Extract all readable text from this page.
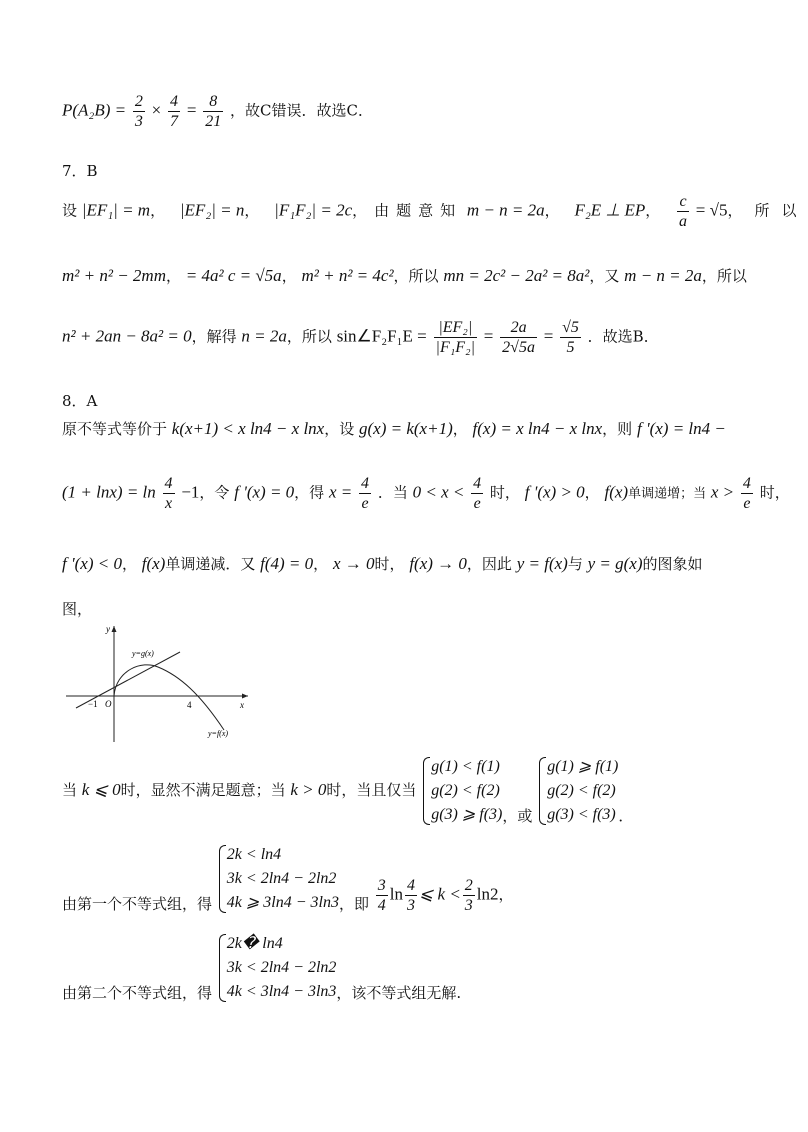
$P(A_2B) = \frac{2}{3} \times \frac{4}{7} = \frac{8}{21}$ ，故C错误．故选C．
7．B
设 |EF₁| = m， |EF₂| = n， |F₁F₂| = 2c，由题意知 m − n = 2a， F₂E ⊥ EP， $\frac{c}{a} = √5$，所以
m² + n² − 2mm， = 4a² c = √5a， m² + n² = 4c²，所以 mn = 2c² − 2a² = 8a²，又 m − n = 2a，所以
n² + 2an − 8a² = 0，解得 n = 2a，所以 sin∠F₂F₁E = $\frac{\text{|EF₂|}}{\text{|F₁F₂|}} = \frac{2a}{2√5a} = \frac{√5}{5}$ ．故选B．
8．A
原不等式等价于 k(x+1) < x ln4 − x lnx，设 g(x) = k(x+1)， f(x) = x ln4 − x lnx，则 f '(x) = ln4 −
$(1 + \ln x) = \ln \frac{4}{x} -1$，令 f '(x) = 0，得 $x = \frac{4}{e}$ ．当 $0 < x < \frac{4}{e}$ 时， f '(x) > 0， f(x)单调递增；当 $x > \frac{4}{e}$ 时，
f '(x) < 0， f(x)单调递减．又 f(4) = 0， x → 0时， f(x) → 0，因此 y = f(x)与 y = g(x)的图象如
图，
y
x
O
−1	4
y=g(x)
y=f(x)
当 k ⩽ 0时，显然不满足题意；当 k > 0时，当且仅当
g(1) < f(1)
g(2) < f(2)
g(3) ⩾ f(3) ，或
g(1) ⩾ f(1)
g(2) < f(2)
g(3) < f(3) ．
由第一个不等式组，得
2k < ln4
3k < 2ln4 − 2ln2
4k ⩾ 3ln4 − 3ln3 ，即 $\frac{3}{4}$ $\ln \frac{4}{3}$ ⩽ $k < \frac{2}{3} \ln 2$，
由第二个不等式组，得
2k� ln4
3k < 2ln4 − 2ln2
4k < 3ln4 − 3ln3 ，该不等式组无解.
